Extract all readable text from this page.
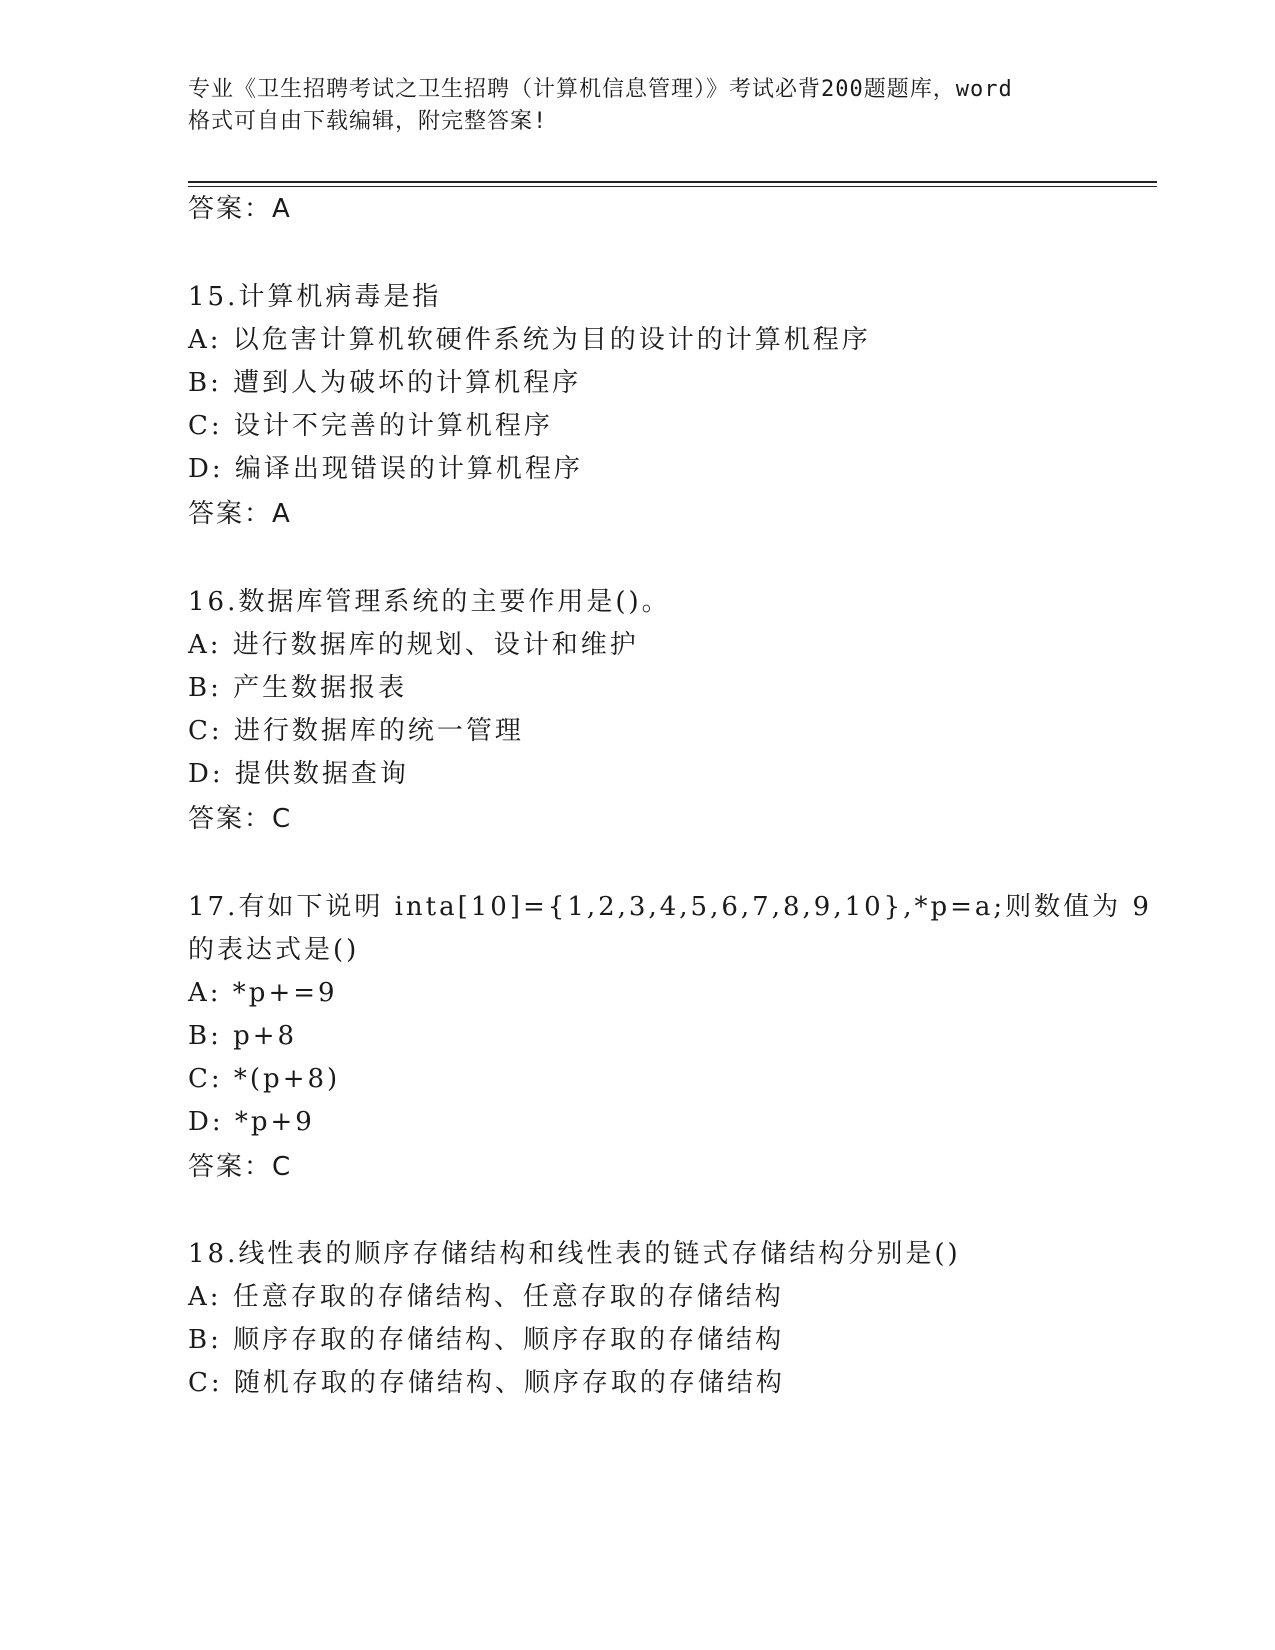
专业《卫生招聘考试之卫生招聘（计算机信息管理）》考试必背200题题库，word
格式可自由下载编辑，附完整答案!
答案：A
15.计算机病毒是指
A: 以危害计算机软硬件系统为目的设计的计算机程序
B: 遭到人为破坏的计算机程序
C: 设计不完善的计算机程序
D: 编译出现错误的计算机程序
答案：A
16.数据库管理系统的主要作用是()。
A: 进行数据库的规划、设计和维护
B: 产生数据报表
C: 进行数据库的统一管理
D: 提供数据查询
答案：C
17.有如下说明 inta[10]={1,2,3,4,5,6,7,8,9,10},*p=a;则数值为 9
的表达式是()
A: *p+=9
B: p+8
C: *(p+8)
D: *p+9
答案：C
18.线性表的顺序存储结构和线性表的链式存储结构分别是()
A: 任意存取的存储结构、任意存取的存储结构
B: 顺序存取的存储结构、顺序存取的存储结构
C: 随机存取的存储结构、顺序存取的存储结构
